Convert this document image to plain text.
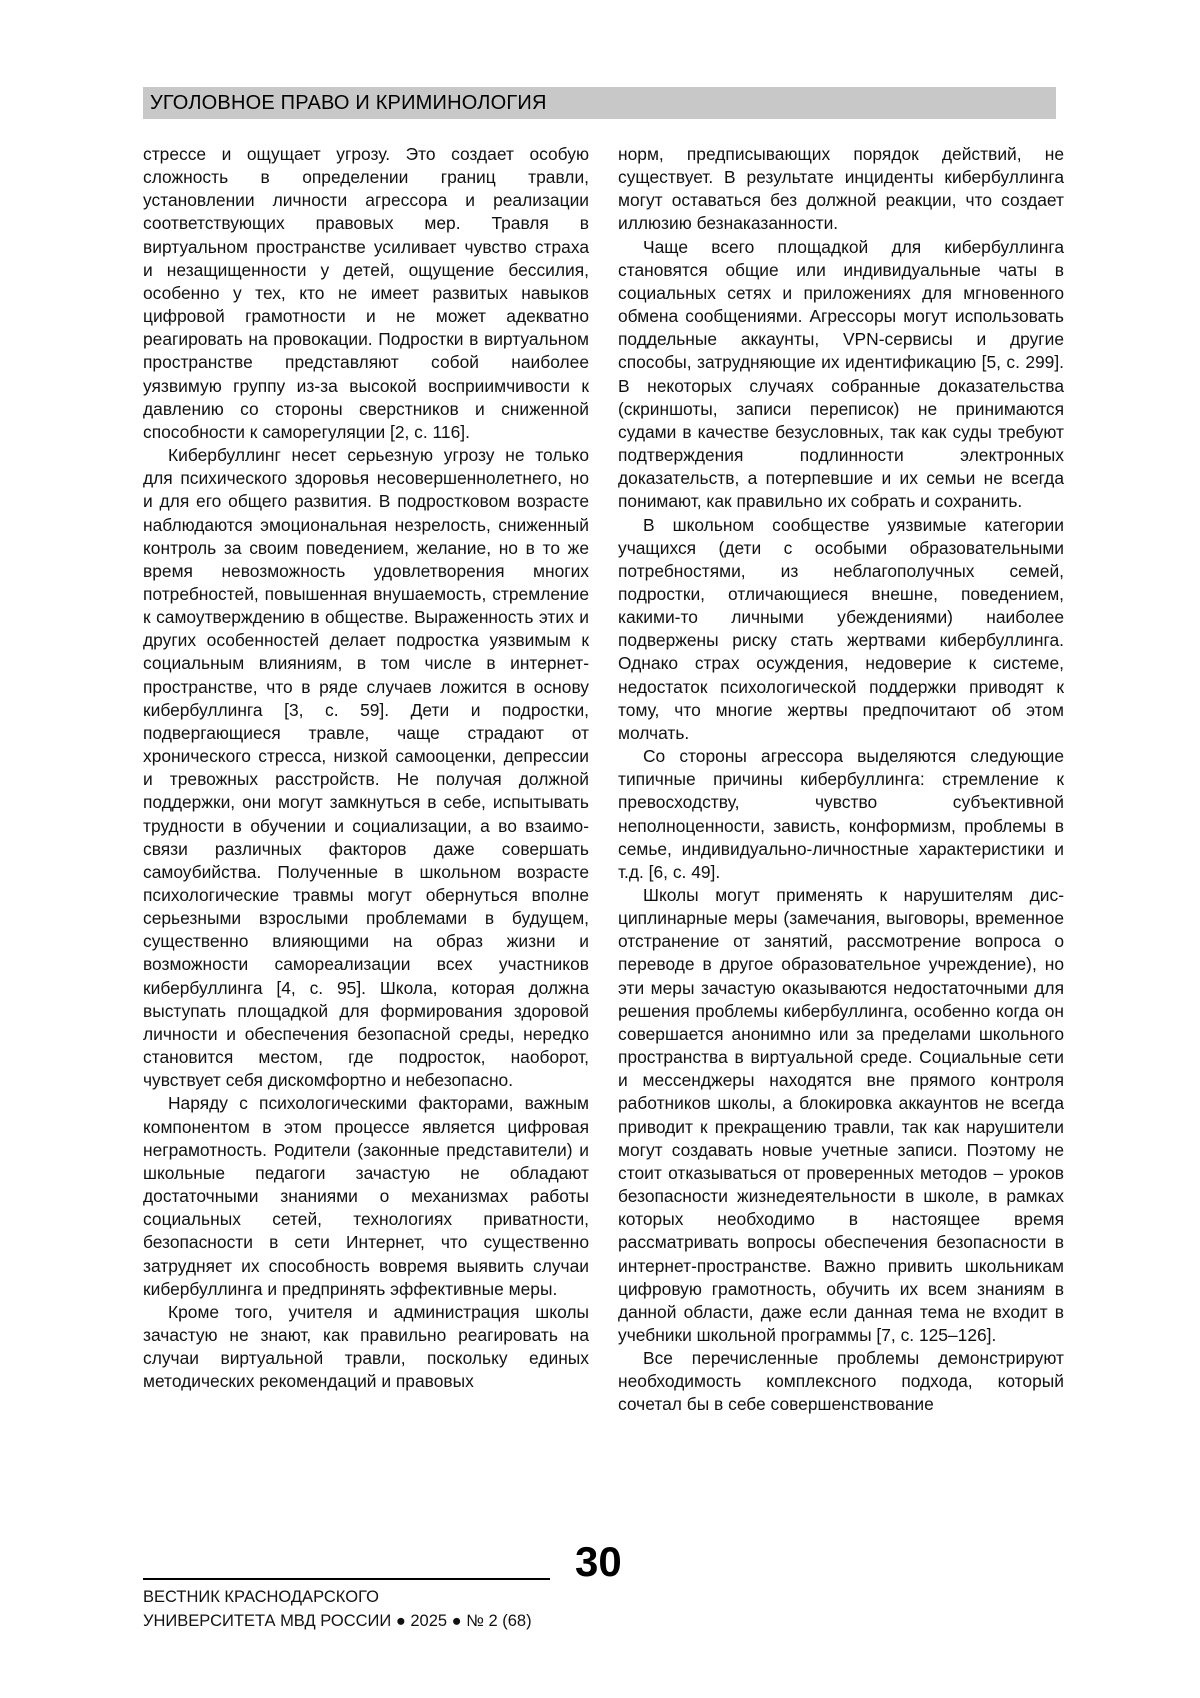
УГОЛОВНОЕ ПРАВО И КРИМИНОЛОГИЯ

стрессе и ощущает угрозу. Это создает особую сложность в определении границ травли, установлении личности агрессора и реализации соответствующих правовых мер. Травля в виртуальном пространстве усиливает чувство страха и незащищенности у детей, ощущение бессилия, особенно у тех, кто не имеет развитых навыков цифровой грамотности и не может адекватно реагировать на провокации. Подростки в виртуальном пространстве представляют собой наиболее уязвимую группу из-за высокой восприимчивости к давлению со стороны сверстников и сниженной способности к саморегуляции [2, с. 116].

Кибербуллинг несет серьезную угрозу не только для психического здоровья несовершеннолетнего, но и для его общего развития. В подростковом возрасте наблюдаются эмоциональная незрелость, сниженный контроль за своим поведением, желание, но в то же время невозможность удовлетворения многих потребностей, повышенная внушаемость, стремление к самоутверждению в обществе. Выраженность этих и других особенностей делает подростка уязвимым к социальным влияниям, в том числе в интернет-пространстве, что в ряде случаев ложится в основу кибербуллинга [3, с. 59]. Дети и подростки, подвергающиеся травле, чаще страдают от хронического стресса, низкой самооценки, депрессии и тревожных расстройств. Не получая должной поддержки, они могут замкнуться в себе, испытывать трудности в обучении и социализации, а во взаимосвязи различных факторов даже совершать самоубийства. Полученные в школьном возрасте психологические травмы могут обернуться вполне серьезными взрослыми проблемами в будущем, существенно влияющими на образ жизни и возможности самореализации всех участников кибербуллинга [4, с. 95]. Школа, которая должна выступать площадкой для формирования здоровой личности и обеспечения безопасной среды, нередко становится местом, где подросток, наоборот, чувствует себя дискомфортно и небезопасно.

Наряду с психологическими факторами, важным компонентом в этом процессе является цифровая неграмотность. Родители (законные представители) и школьные педагоги зачастую не обладают достаточными знаниями о механизмах работы социальных сетей, технологиях приватности, безопасности в сети Интернет, что существенно затрудняет их способность вовремя выявить случаи кибербуллинга и предпринять эффективные меры.

Кроме того, учителя и администрация школы зачастую не знают, как правильно реагировать на случаи виртуальной травли, поскольку единых методических рекомендаций и правовых

норм, предписывающих порядок действий, не существует. В результате инциденты кибербуллинга могут оставаться без должной реакции, что создает иллюзию безнаказанности.

Чаще всего площадкой для кибербуллинга становятся общие или индивидуальные чаты в социальных сетях и приложениях для мгновенного обмена сообщениями. Агрессоры могут использовать поддельные аккаунты, VPN-сервисы и другие способы, затрудняющие их идентификацию [5, с. 299]. В некоторых случаях собранные доказательства (скриншоты, записи переписок) не принимаются судами в качестве безусловных, так как суды требуют подтверждения подлинности электронных доказательств, а потерпевшие и их семьи не всегда понимают, как правильно их собрать и сохранить.

В школьном сообществе уязвимые категории учащихся (дети с особыми образовательными потребностями, из неблагополучных семей, подростки, отличающиеся внешне, поведением, какими-то личными убеждениями) наиболее подвержены риску стать жертвами кибербуллинга. Однако страх осуждения, недоверие к системе, недостаток психологической поддержки приводят к тому, что многие жертвы предпочитают об этом молчать.

Со стороны агрессора выделяются следующие типичные причины кибербуллинга: стремление к превосходству, чувство субъективной неполноценности, зависть, конформизм, проблемы в семье, индивидуально-личностные характеристики и т.д. [6, с. 49].

Школы могут применять к нарушителям дисциплинарные меры (замечания, выговоры, временное отстранение от занятий, рассмотрение вопроса о переводе в другое образовательное учреждение), но эти меры зачастую оказываются недостаточными для решения проблемы кибербуллинга, особенно когда он совершается анонимно или за пределами школьного пространства в виртуальной среде. Социальные сети и мессенджеры находятся вне прямого контроля работников школы, а блокировка аккаунтов не всегда приводит к прекращению травли, так как нарушители могут создавать новые учетные записи. Поэтому не стоит отказываться от проверенных методов – уроков безопасности жизнедеятельности в школе, в рамках которых необходимо в настоящее время рассматривать вопросы обеспечения безопасности в интернет-пространстве. Важно привить школьникам цифровую грамотность, обучить их всем знаниям в данной области, даже если данная тема не входит в учебники школьной программы [7, с. 125–126].

Все перечисленные проблемы демонстрируют необходимость комплексного подхода, который сочетал бы в себе совершенствование

30
ВЕСТНИК КРАСНОДАРСКОГО
УНИВЕРСИТЕТА МВД РОССИИ ● 2025 ● № 2 (68)
